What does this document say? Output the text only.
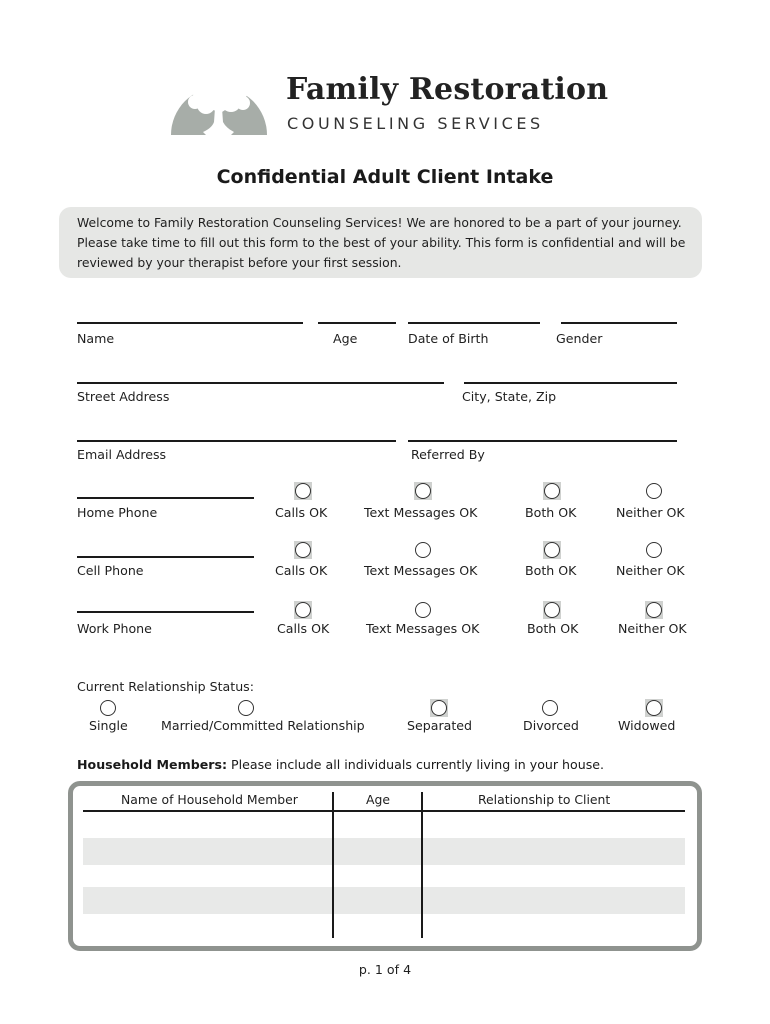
Family Restoration
COUNSELING SERVICES
Confidential Adult Client Intake

Welcome to Family Restoration Counseling Services! We are honored to be a part of your journey. Please take time to fill out this form to the best of your ability. This form is confidential and will be reviewed by your therapist before your first session.

Name	Age	Date of Birth	Gender
Street Address	City, State, Zip
Email Address	Referred By
Home Phone	Calls OK	Text Messages OK	Both OK	Neither OK
Cell Phone	Calls OK	Text Messages OK	Both OK	Neither OK
Work Phone	Calls OK	Text Messages OK	Both OK	Neither OK
Current Relationship Status:
Single	Married/Committed Relationship	Separated	Divorced	Widowed
Household Members: Please include all individuals currently living in your house.
Name of Household Member	Age	Relationship to Client
p. 1 of 4
